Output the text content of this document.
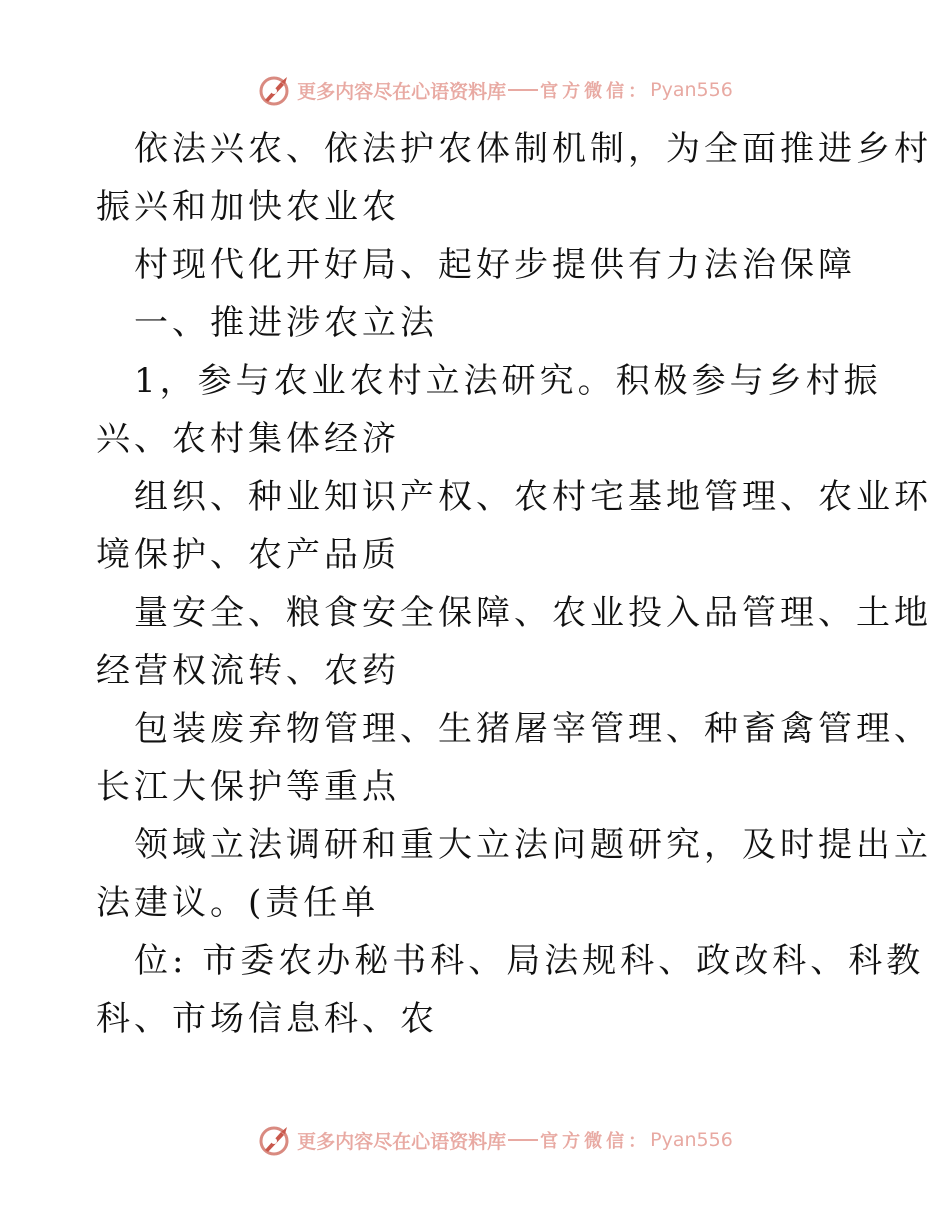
更多内容尽在心语资料库 官方微信： Pyan556
依法兴农、依法护农体制机制，为全面推进乡村
振兴和加快农业农
村现代化开好局、起好步提供有力法治保障
一、推进涉农立法
1，参与农业农村立法研究。积极参与乡村振
兴、农村集体经济
组织、种业知识产权、农村宅基地管理、农业环
境保护、农产品质
量安全、粮食安全保障、农业投入品管理、土地
经营权流转、农药
包装废弃物管理、生猪屠宰管理、种畜禽管理、
长江大保护等重点
领域立法调研和重大立法问题研究，及时提出立
法建议。(责任单
位: 市委农办秘书科、局法规科、政改科、科教
科、市场信息科、农
更多内容尽在心语资料库 官方微信： Pyan556
